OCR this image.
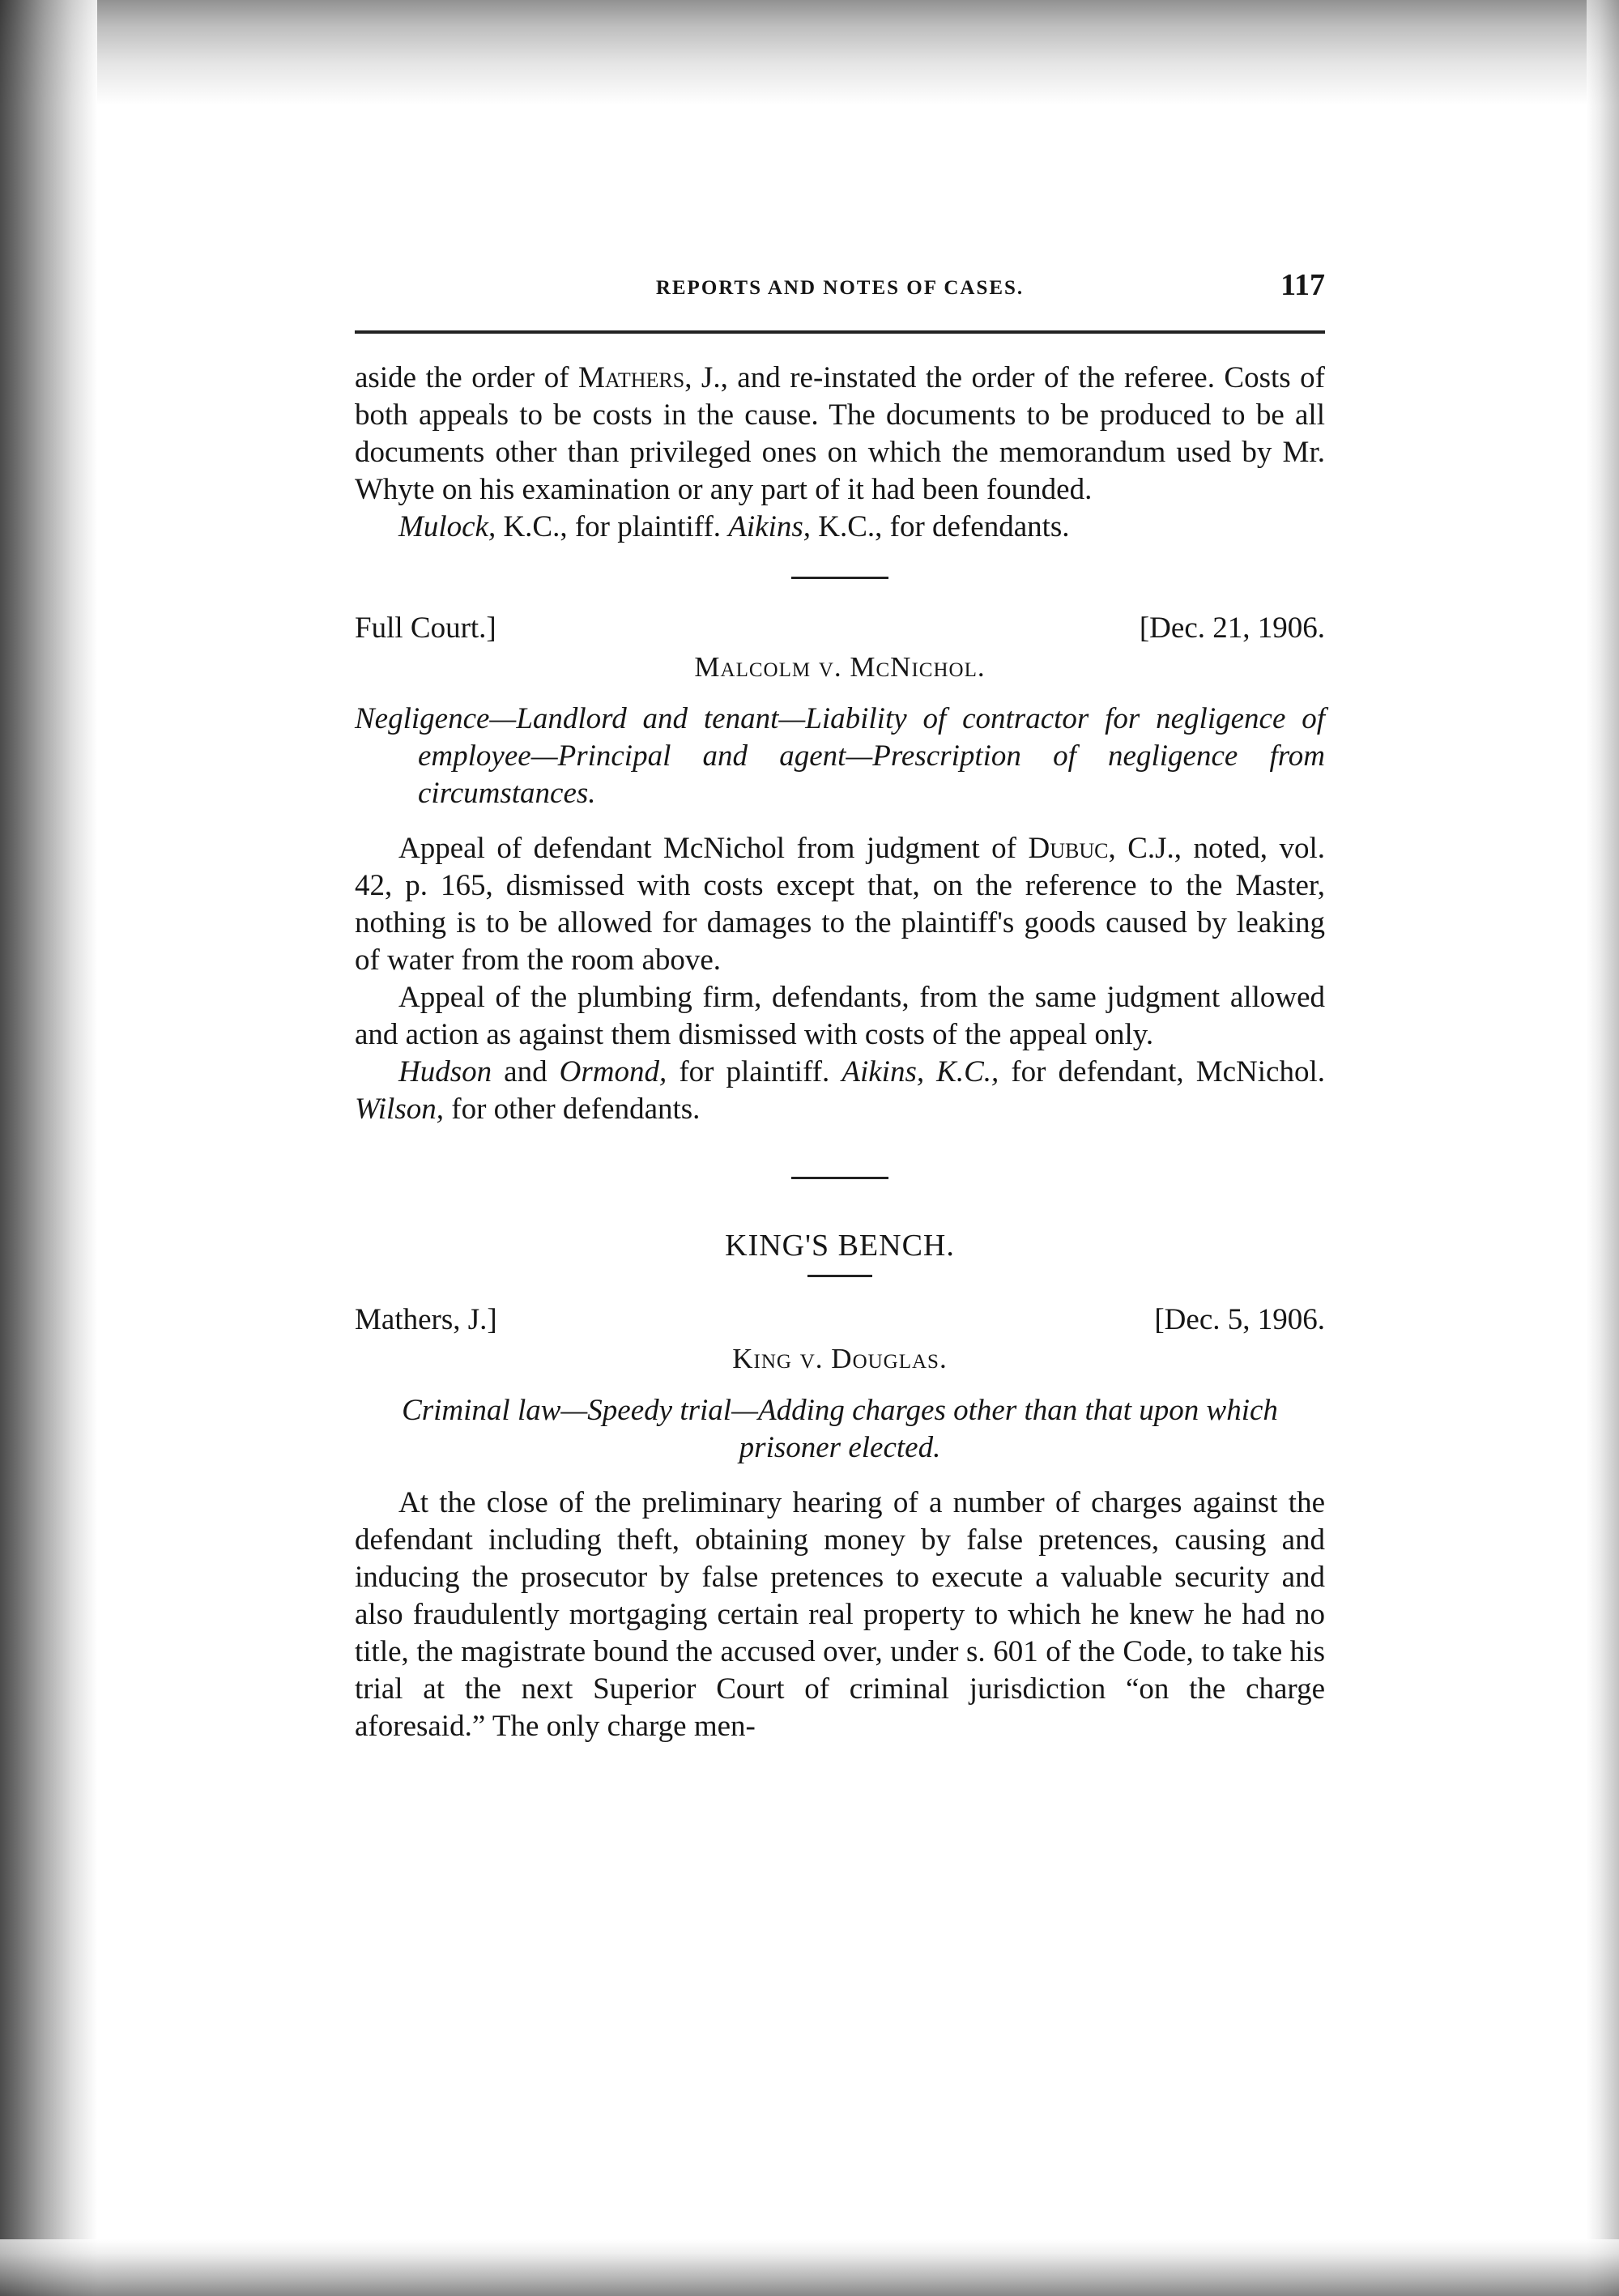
REPORTS AND NOTES OF CASES.	117

aside the order of Mathers, J., and re-instated the order of the referee. Costs of both appeals to be costs in the cause. The documents to be produced to be all documents other than privileged ones on which the memorandum used by Mr. Whyte on his examination or any part of it had been founded.

Mulock, K.C., for plaintiff. Aikins, K.C., for defendants.

Full Court.]	[Dec. 21, 1906.
Malcolm v. McNichol.
Negligence—Landlord and tenant—Liability of contractor for negligence of employee—Principal and agent—Prescription of negligence from circumstances.

Appeal of defendant McNichol from judgment of Dubuc, C.J., noted, vol. 42, p. 165, dismissed with costs except that, on the reference to the Master, nothing is to be allowed for damages to the plaintiff's goods caused by leaking of water from the room above.

Appeal of the plumbing firm, defendants, from the same judgment allowed and action as against them dismissed with costs of the appeal only.

Hudson and Ormond, for plaintiff. Aikins, K.C., for defendant, McNichol. Wilson, for other defendants.

KING'S BENCH.
Mathers, J.]	[Dec. 5, 1906.
King v. Douglas.
Criminal law—Speedy trial—Adding charges other than that upon which prisoner elected.

At the close of the preliminary hearing of a number of charges against the defendant including theft, obtaining money by false pretences, causing and inducing the prosecutor by false pretences to execute a valuable security and also fraudulently mortgaging certain real property to which he knew he had no title, the magistrate bound the accused over, under s. 601 of the Code, to take his trial at the next Superior Court of criminal jurisdiction “on the charge aforesaid.” The only charge men-
